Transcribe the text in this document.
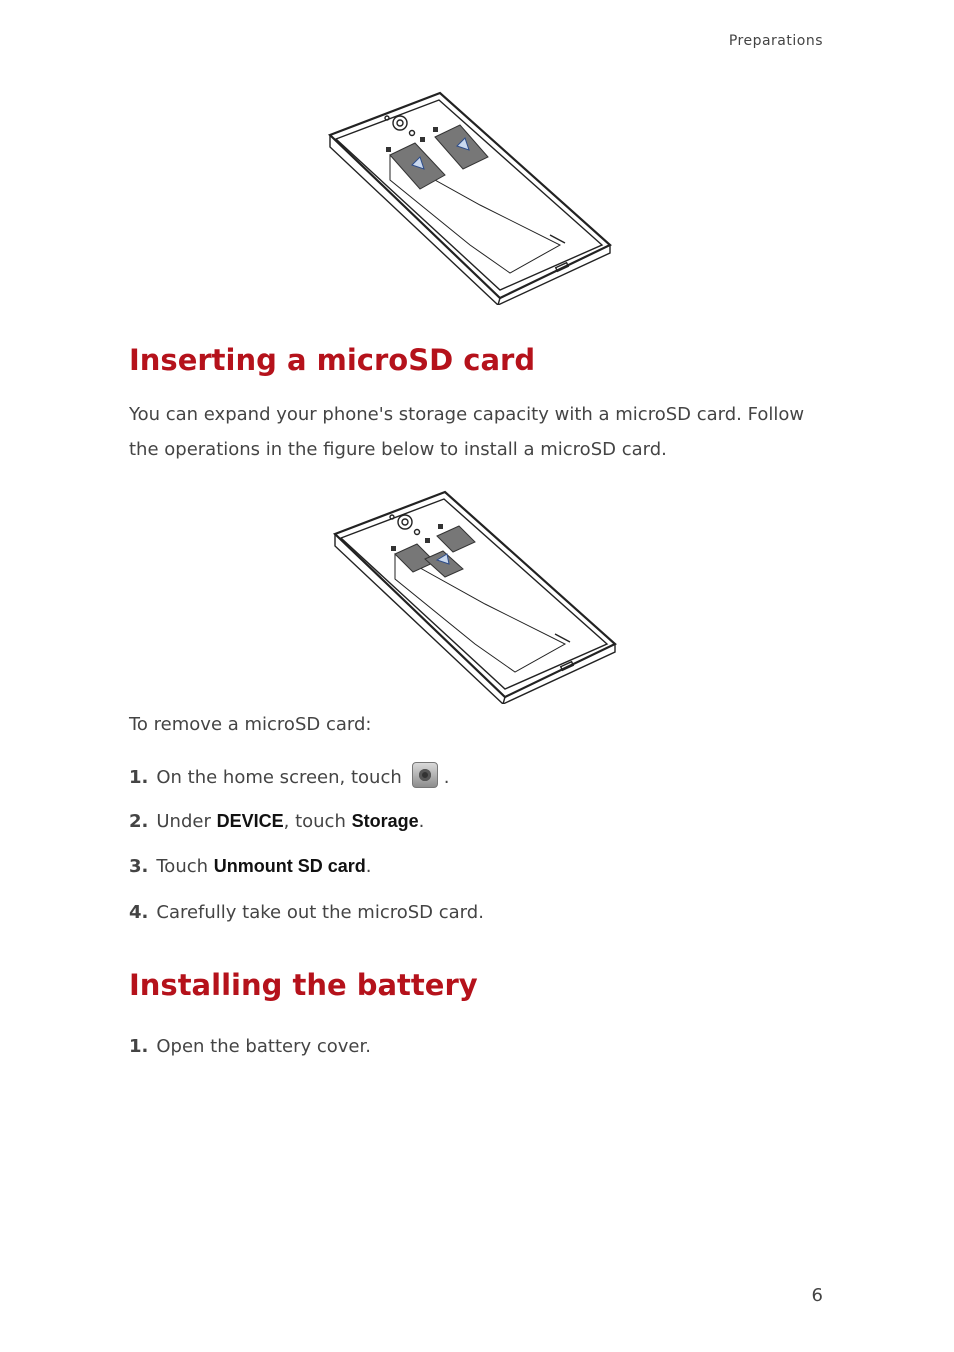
Preparations
Inserting a microSD card

You can expand your phone's storage capacity with a microSD card. Follow the operations in the figure below to install a microSD card.

To remove a microSD card:

1. On the home screen, touch .
2. Under DEVICE, touch Storage.
3. Touch Unmount SD card.
4. Carefully take out the microSD card.
Installing the battery
1. Open the battery cover.
6
